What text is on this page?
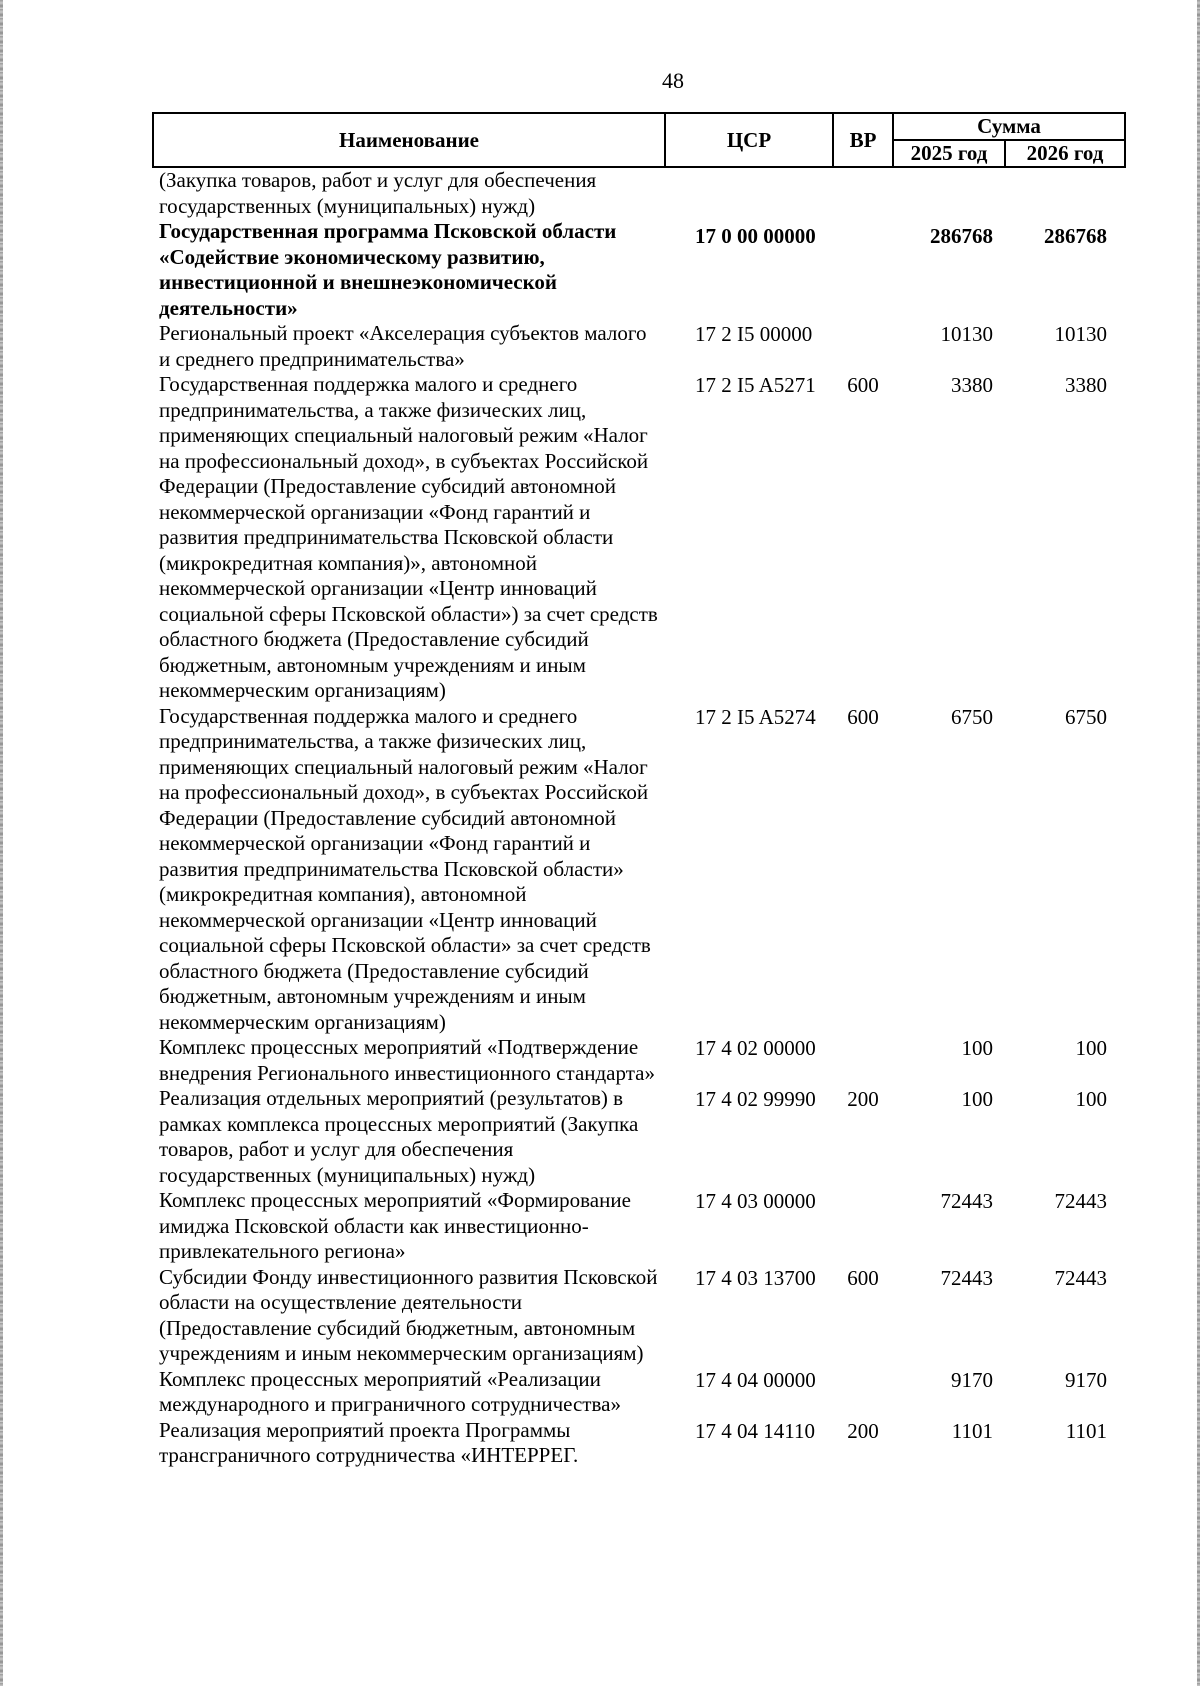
48
Наименование	ЦСР	ВР	Сумма	
			2025 год	2026 год
(Закупка товаров, работ и услуг для обеспечения государственных (муниципальных) нужд)				
Государственная программа Псковской области «Содействие экономическому развитию, инвестиционной и внешнеэкономической деятельности»	17 0 00 00000		286768	286768
Региональный проект «Акселерация субъектов малого и среднего предпринимательства»	17 2 I5 00000		10130	10130
Государственная поддержка малого и среднего предпринимательства, а также физических лиц, применяющих специальный налоговый режим «Налог на профессиональный доход», в субъектах Российской Федерации (Предоставление субсидий автономной некоммерческой организации «Фонд гарантий и развития предпринимательства Псковской области (микрокредитная компания)», автономной некоммерческой организации «Центр инноваций социальной сферы Псковской области») за счет средств областного бюджета (Предоставление субсидий бюджетным, автономным учреждениям и иным некоммерческим организациям)	17 2 I5 A5271	600	3380	3380
Государственная поддержка малого и среднего предпринимательства, а также физических лиц, применяющих специальный налоговый режим «Налог на профессиональный доход», в субъектах Российской Федерации (Предоставление субсидий автономной некоммерческой организации «Фонд гарантий и развития предпринимательства Псковской области» (микрокредитная компания), автономной некоммерческой организации «Центр инноваций социальной сферы Псковской области» за счет средств областного бюджета (Предоставление субсидий бюджетным, автономным учреждениям и иным некоммерческим организациям)	17 2 I5 A5274	600	6750	6750
Комплекс процессных мероприятий «Подтверждение внедрения Регионального инвестиционного стандарта»	17 4 02 00000		100	100
Реализация отдельных мероприятий (результатов) в рамках комплекса процессных мероприятий (Закупка товаров, работ и услуг для обеспечения государственных (муниципальных) нужд)	17 4 02 99990	200	100	100
Комплекс процессных мероприятий «Формирование имиджа Псковской области как инвестиционно-привлекательного региона»	17 4 03 00000		72443	72443
Субсидии Фонду инвестиционного развития Псковской области на осуществление деятельности (Предоставление субсидий бюджетным, автономным учреждениям и иным некоммерческим организациям)	17 4 03 13700	600	72443	72443
Комплекс процессных мероприятий «Реализации международного и приграничного сотрудничества»	17 4 04 00000		9170	9170
Реализация мероприятий проекта Программы трансграничного сотрудничества «ИНТЕРРЕГ.	17 4 04 14110	200	1101	1101
